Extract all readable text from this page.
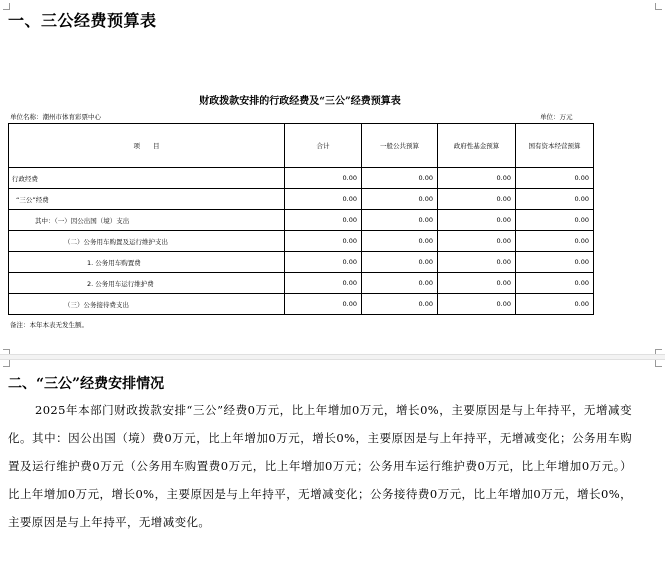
一、三公经费预算表
财政拨款安排的行政经费及“三公”经费预算表
单位名称：潮州市体育彩票中心	单位：万元
项　　目	合计	一般公共预算	政府性基金预算	国有资本经营预算
行政经费	0.00	0.00	0.00	0.00
“三公”经费	0.00	0.00	0.00	0.00
其中：（一）因公出国（境）支出	0.00	0.00	0.00	0.00
（二）公务用车购置及运行维护支出	0.00	0.00	0.00	0.00
1. 公务用车购置费	0.00	0.00	0.00	0.00
2. 公务用车运行维护费	0.00	0.00	0.00	0.00
（三）公务接待费支出	0.00	0.00	0.00	0.00
备注：本年本表无发生额。
二、“三公”经费安排情况
2025年本部门财政拨款安排“三公”经费0万元，比上年增加0万元，增长0%，主要原因是与上年持平，无增减变化。其中：因公出国（境）费0万元，比上年增加0万元，增长0%，主要原因是与上年持平，无增减变化；公务用车购置及运行维护费0万元（公务用车购置费0万元，比上年增加0万元；公务用车运行维护费0万元，比上年增加0万元。）比上年增加0万元，增长0%，主要原因是与上年持平，无增减变化；公务接待费0万元，比上年增加0万元，增长0%，主要原因是与上年持平，无增减变化。
